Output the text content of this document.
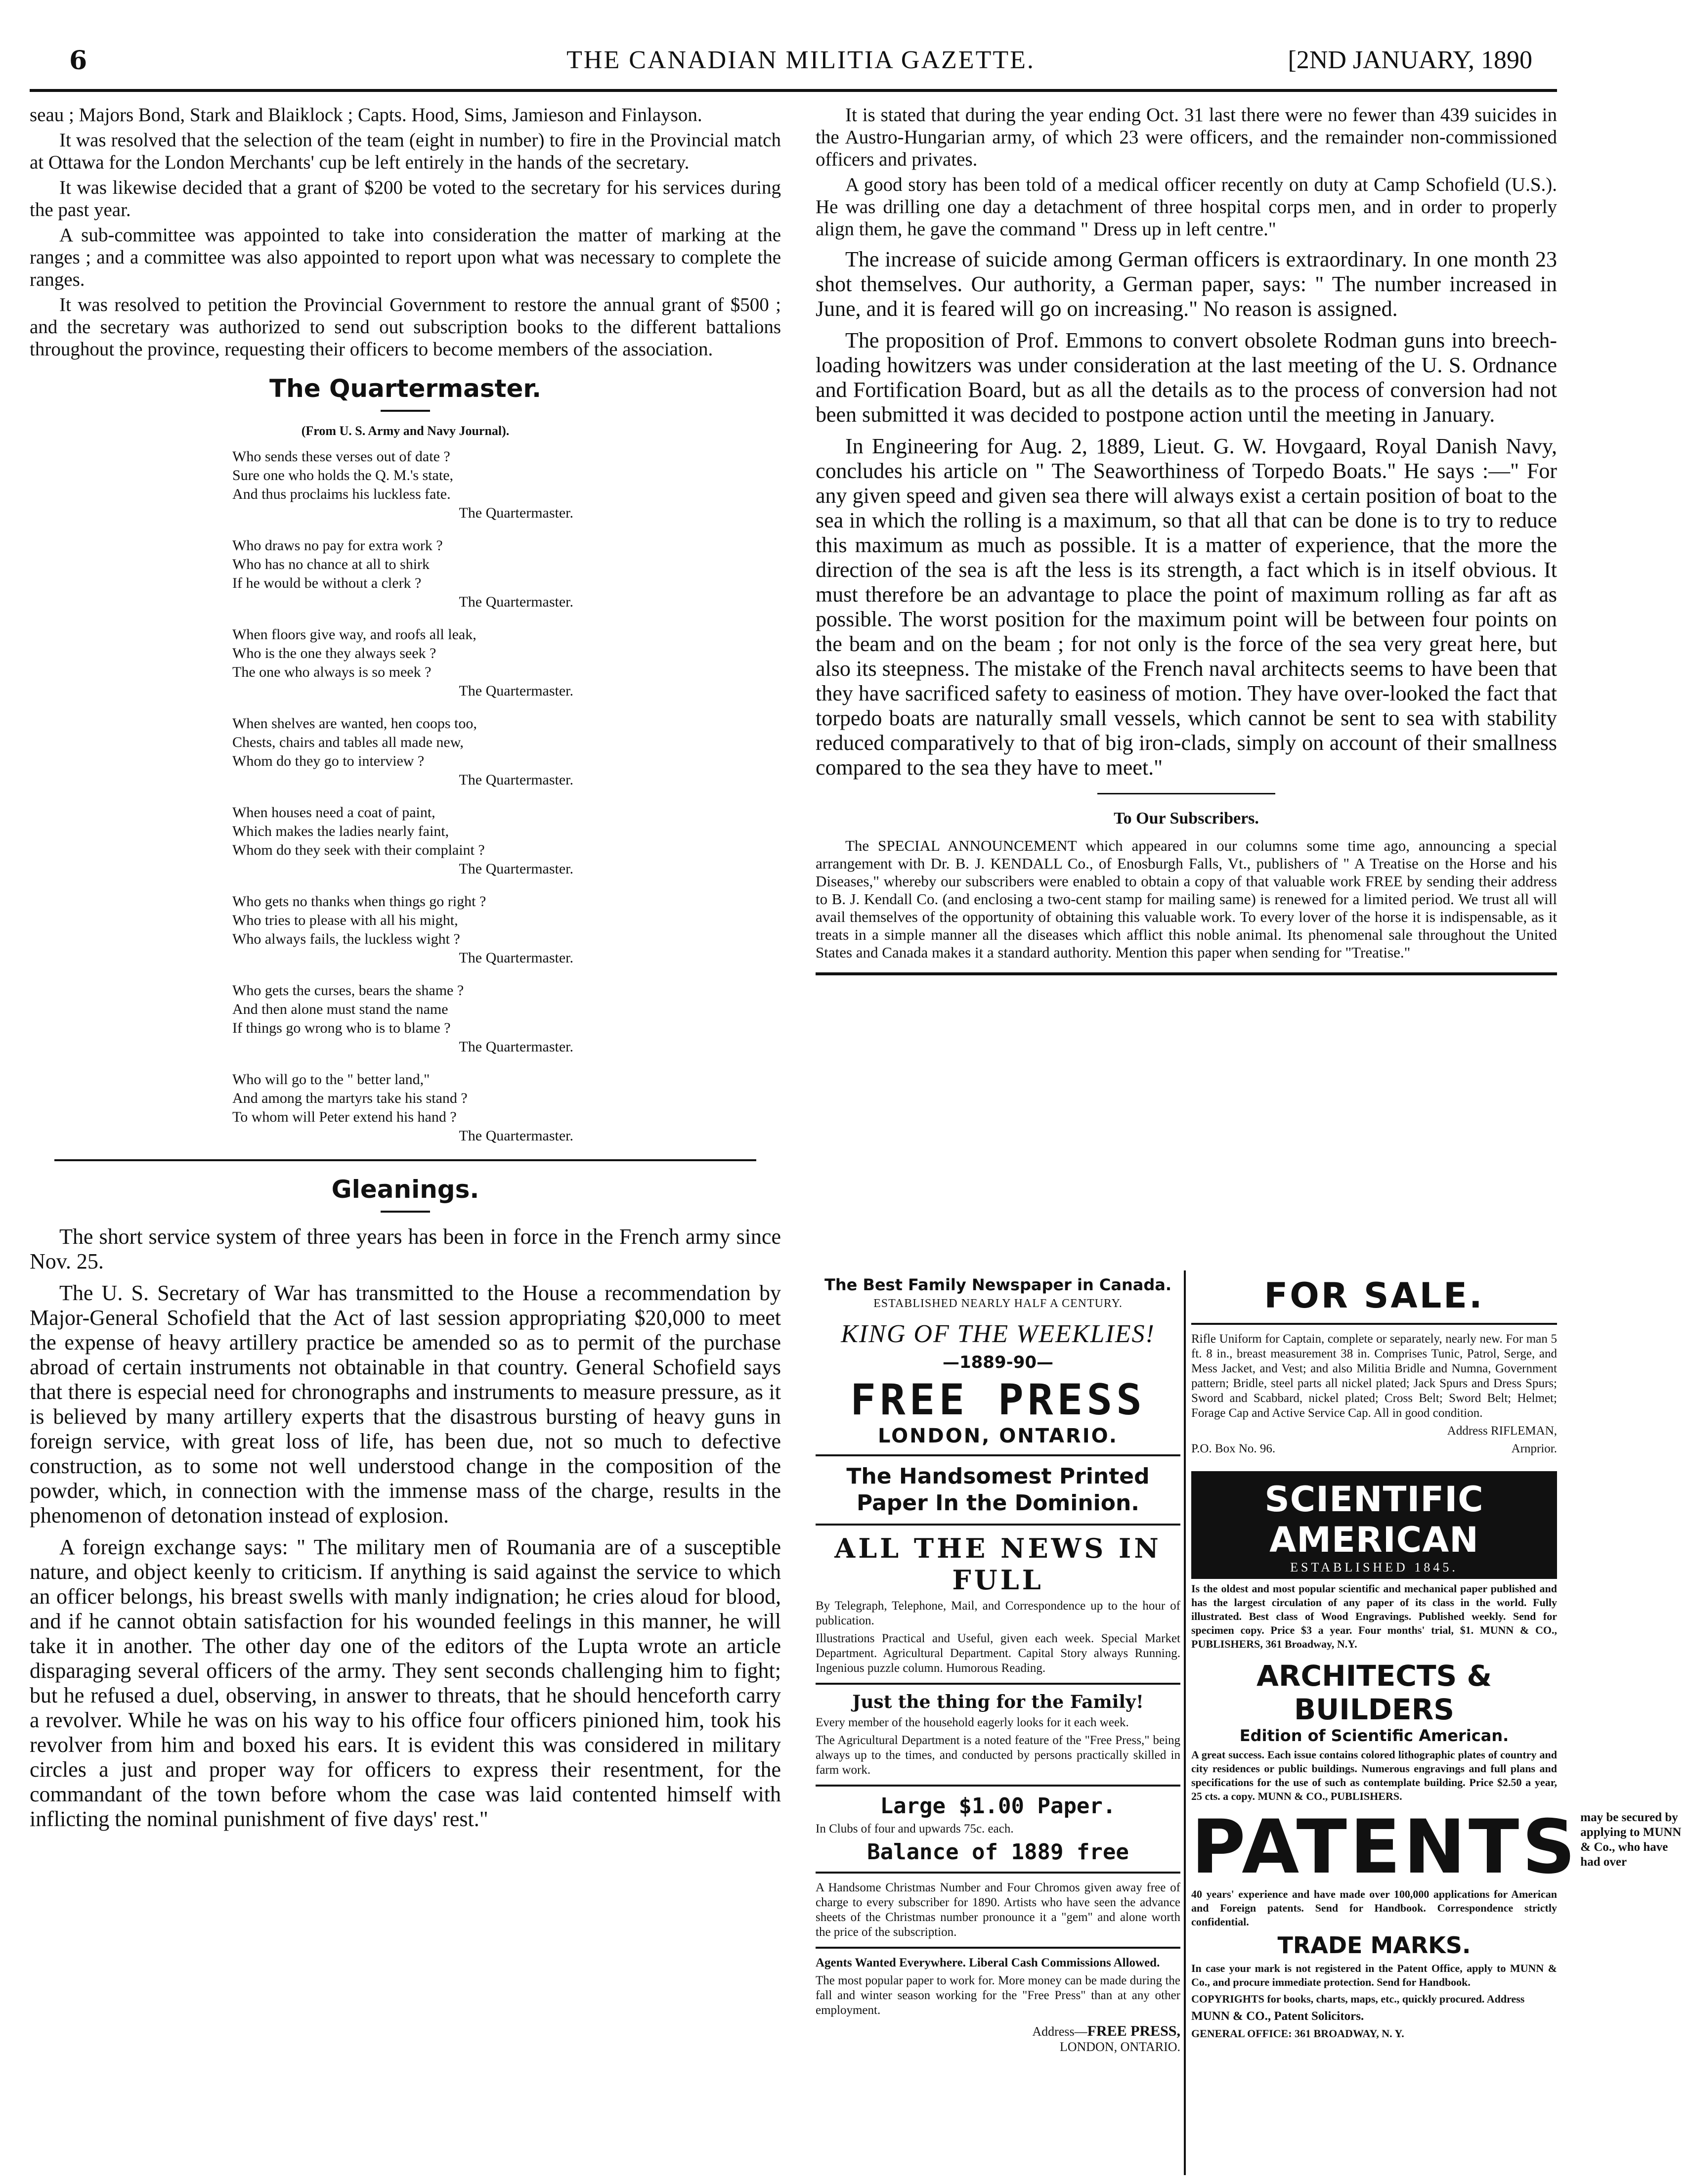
6	THE CANADIAN MILITIA GAZETTE.	[2ND JANUARY, 1890

seau ; Majors Bond, Stark and Blaiklock ; Capts. Hood, Sims, Jamieson and Finlayson.

It was resolved that the selection of the team (eight in number) to fire in the Provincial match at Ottawa for the London Merchants' cup be left entirely in the hands of the secretary.

It was likewise decided that a grant of $200 be voted to the secretary for his services during the past year.

A sub-committee was appointed to take into consideration the matter of marking at the ranges ; and a committee was also appointed to report upon what was necessary to complete the ranges.

It was resolved to petition the Provincial Government to restore the annual grant of $500 ; and the secretary was authorized to send out subscription books to the different battalions throughout the province, requesting their officers to become members of the association.

The Quartermaster.
(From U. S. Army and Navy Journal).
Who sends these verses out of date ?
Sure one who holds the Q. M.'s state,
And thus proclaims his luckless fate.
The Quartermaster.
Who draws no pay for extra work ?
Who has no chance at all to shirk
If he would be without a clerk ?
The Quartermaster.
When floors give way, and roofs all leak,
Who is the one they always seek ?
The one who always is so meek ?
The Quartermaster.
When shelves are wanted, hen coops too,
Chests, chairs and tables all made new,
Whom do they go to interview ?
The Quartermaster.
When houses need a coat of paint,
Which makes the ladies nearly faint,
Whom do they seek with their complaint ?
The Quartermaster.
Who gets no thanks when things go right ?
Who tries to please with all his might,
Who always fails, the luckless wight ?
The Quartermaster.
Who gets the curses, bears the shame ?
And then alone must stand the name
If things go wrong who is to blame ?
The Quartermaster.
Who will go to the " better land,"
And among the martyrs take his stand ?
To whom will Peter extend his hand ?
The Quartermaster.
Gleanings.

The short service system of three years has been in force in the French army since Nov. 25.

The U. S. Secretary of War has transmitted to the House a recommendation by Major-General Schofield that the Act of last session appropriating $20,000 to meet the expense of heavy artillery practice be amended so as to permit of the purchase abroad of certain instruments not obtainable in that country. General Schofield says that there is especial need for chronographs and instruments to measure pressure, as it is believed by many artillery experts that the disastrous bursting of heavy guns in foreign service, with great loss of life, has been due, not so much to defective construction, as to some not well understood change in the composition of the powder, which, in connection with the immense mass of the charge, results in the phenomenon of detonation instead of explosion.

A foreign exchange says: " The military men of Roumania are of a susceptible nature, and object keenly to criticism. If anything is said against the service to which an officer belongs, his breast swells with manly indignation; he cries aloud for blood, and if he cannot obtain satisfaction for his wounded feelings in this manner, he will take it in another. The other day one of the editors of the Lupta wrote an article disparaging several officers of the army. They sent seconds challenging him to fight; but he refused a duel, observing, in answer to threats, that he should henceforth carry a revolver. While he was on his way to his office four officers pinioned him, took his revolver from him and boxed his ears. It is evident this was considered in military circles a just and proper way for officers to express their resentment, for the commandant of the town before whom the case was laid contented himself with inflicting the nominal punishment of five days' rest."

It is stated that during the year ending Oct. 31 last there were no fewer than 439 suicides in the Austro-Hungarian army, of which 23 were officers, and the remainder non-commissioned officers and privates.

A good story has been told of a medical officer recently on duty at Camp Schofield (U.S.). He was drilling one day a detachment of three hospital corps men, and in order to properly align them, he gave the command " Dress up in left centre."

The increase of suicide among German officers is extraordinary. In one month 23 shot themselves. Our authority, a German paper, says: " The number increased in June, and it is feared will go on increasing." No reason is assigned.

The proposition of Prof. Emmons to convert obsolete Rodman guns into breech-loading howitzers was under consideration at the last meeting of the U. S. Ordnance and Fortification Board, but as all the details as to the process of conversion had not been submitted it was decided to postpone action until the meeting in January.

In Engineering for Aug. 2, 1889, Lieut. G. W. Hovgaard, Royal Danish Navy, concludes his article on " The Seaworthiness of Torpedo Boats." He says :—" For any given speed and given sea there will always exist a certain position of boat to the sea in which the rolling is a maximum, so that all that can be done is to try to reduce this maximum as much as possible. It is a matter of experience, that the more the direction of the sea is aft the less is its strength, a fact which is in itself obvious. It must therefore be an advantage to place the point of maximum rolling as far aft as possible. The worst position for the maximum point will be between four points on the beam and on the beam ; for not only is the force of the sea very great here, but also its steepness. The mistake of the French naval architects seems to have been that they have sacrificed safety to easiness of motion. They have over-looked the fact that torpedo boats are naturally small vessels, which cannot be sent to sea with stability reduced comparatively to that of big iron-clads, simply on account of their smallness compared to the sea they have to meet."

To Our Subscribers.

The SPECIAL ANNOUNCEMENT which appeared in our columns some time ago, announcing a special arrangement with Dr. B. J. KENDALL Co., of Enosburgh Falls, Vt., publishers of " A Treatise on the Horse and his Diseases," whereby our subscribers were enabled to obtain a copy of that valuable work FREE by sending their address to B. J. Kendall Co. (and enclosing a two-cent stamp for mailing same) is renewed for a limited period. We trust all will avail themselves of the opportunity of obtaining this valuable work. To every lover of the horse it is indispensable, as it treats in a simple manner all the diseases which afflict this noble animal. Its phenomenal sale throughout the United States and Canada makes it a standard authority. Mention this paper when sending for "Treatise."

The Best Family Newspaper in Canada.
ESTABLISHED NEARLY HALF A CENTURY.
KING OF THE WEEKLIES!
—1889-90—
FREE PRESS
LONDON, ONTARIO.
The Handsomest Printed Paper In the Dominion.
ALL THE NEWS IN FULL
By Telegraph, Telephone, Mail, and Correspondence up to the hour of publication.
Illustrations Practical and Useful, given each week. Special Market Department. Agricultural Department. Capital Story always Running. Ingenious puzzle column. Humorous Reading.
Just the thing for the Family!
Every member of the household eagerly looks for it each week.
The Agricultural Department is a noted feature of the "Free Press," being always up to the times, and conducted by persons practically skilled in farm work.
Large $1.00 Paper.
In Clubs of four and upwards 75c. each.
Balance of 1889 free
A Handsome Christmas Number and Four Chromos given away free of charge to every subscriber for 1890. Artists who have seen the advance sheets of the Christmas number pronounce it a "gem" and alone worth the price of the subscription.
Agents Wanted Everywhere. Liberal Cash Commissions Allowed.
The most popular paper to work for. More money can be made during the fall and winter season working for the "Free Press" than at any other employment.
Address—FREE PRESS,
LONDON, ONTARIO.
FOR SALE.
Rifle Uniform for Captain, complete or separately, nearly new. For man 5 ft. 8 in., breast measurement 38 in. Comprises Tunic, Patrol, Serge, and Mess Jacket, and Vest; and also Militia Bridle and Numna, Government pattern; Bridle, steel parts all nickel plated; Jack Spurs and Dress Spurs; Sword and Scabbard, nickel plated; Cross Belt; Sword Belt; Helmet; Forage Cap and Active Service Cap. All in good condition.
Address RIFLEMAN,
P.O. Box No. 96.	Arnprior.
SCIENTIFIC AMERICAN
ESTABLISHED 1845.
Is the oldest and most popular scientific and mechanical paper published and has the largest circulation of any paper of its class in the world. Fully illustrated. Best class of Wood Engravings. Published weekly. Send for specimen copy. Price $3 a year. Four months' trial, $1. MUNN & CO., PUBLISHERS, 361 Broadway, N.Y.
ARCHITECTS & BUILDERS
Edition of Scientific American.
A great success. Each issue contains colored lithographic plates of country and city residences or public buildings. Numerous engravings and full plans and specifications for the use of such as contemplate building. Price $2.50 a year, 25 cts. a copy. MUNN & CO., PUBLISHERS.
PATENTS may be secured by applying to MUNN & Co., who have had over
40 years' experience and have made over 100,000 applications for American and Foreign patents. Send for Handbook. Correspondence strictly confidential.
TRADE MARKS.
In case your mark is not registered in the Patent Office, apply to MUNN & Co., and procure immediate protection. Send for Handbook.
COPYRIGHTS for books, charts, maps, etc., quickly procured. Address
MUNN & CO., Patent Solicitors.
GENERAL OFFICE: 361 BROADWAY, N. Y.
